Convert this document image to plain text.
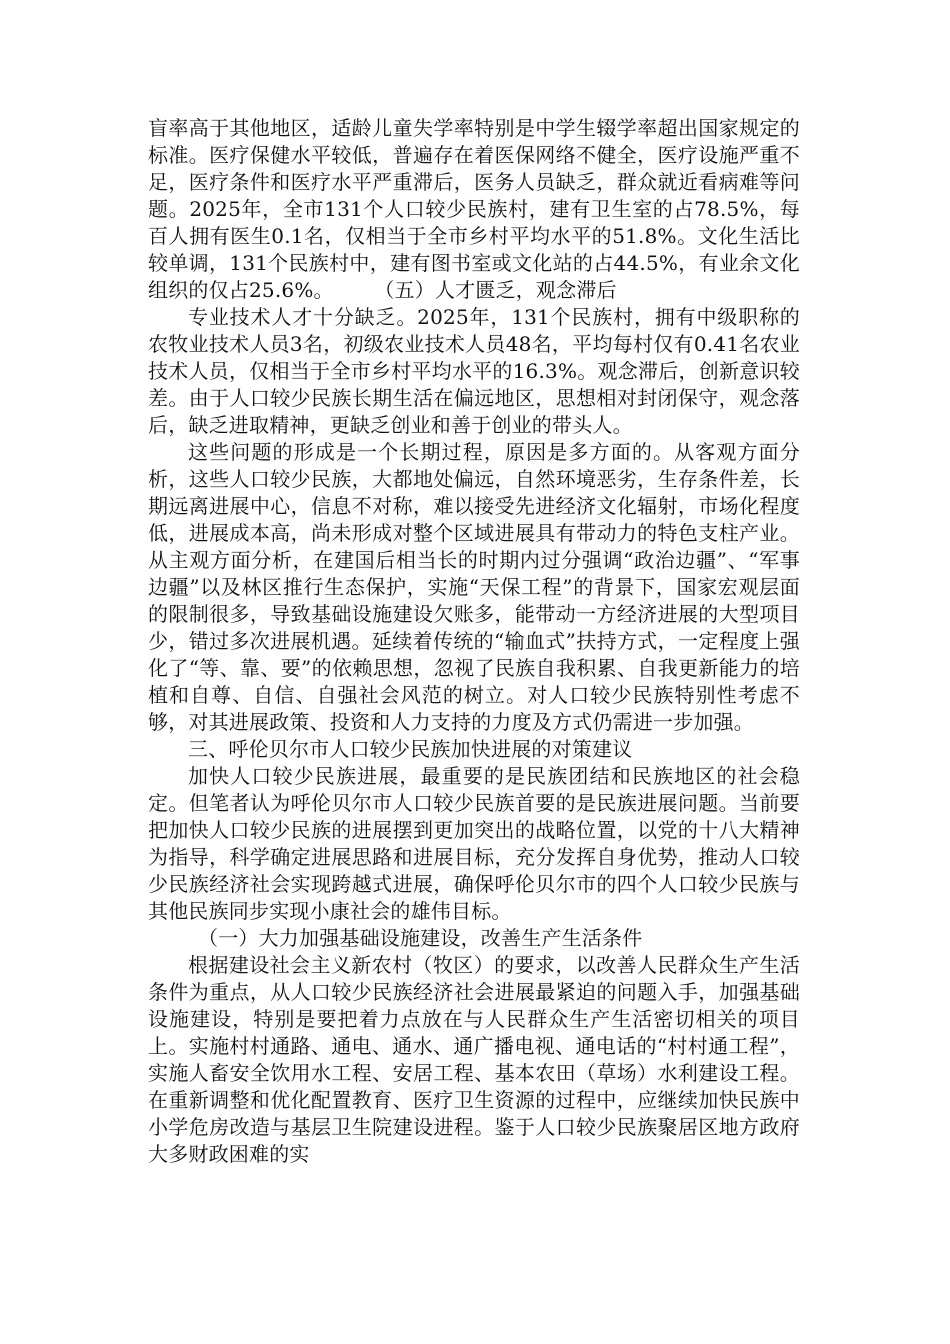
盲率高于其他地区，适龄儿童失学率特别是中学生辍学率超出国家规定的标准。医疗保健水平较低，普遍存在着医保网络不健全，医疗设施严重不足，医疗条件和医疗水平严重滞后，医务人员缺乏，群众就近看病难等问题。2025年，全市131个人口较少民族村，建有卫生室的占78.5%，每百人拥有医生0.1名，仅相当于全市乡村平均水平的51.8%。文化生活比较单调，131个民族村中，建有图书室或文化站的占44.5%，有业余文化组织的仅占25.6%。　　　（五）人才匮乏，观念滞后

专业技术人才十分缺乏。2025年，131个民族村，拥有中级职称的农牧业技术人员3名，初级农业技术人员48名，平均每村仅有0.41名农业技术人员，仅相当于全市乡村平均水平的16.3%。观念滞后，创新意识较差。由于人口较少民族长期生活在偏远地区，思想相对封闭保守，观念落后，缺乏进取精神，更缺乏创业和善于创业的带头人。

这些问题的形成是一个长期过程，原因是多方面的。从客观方面分析，这些人口较少民族，大都地处偏远，自然环境恶劣，生存条件差，长期远离进展中心，信息不对称，难以接受先进经济文化辐射，市场化程度低，进展成本高，尚未形成对整个区域进展具有带动力的特色支柱产业。从主观方面分析，在建国后相当长的时期内过分强调“政治边疆”、“军事边疆”以及林区推行生态保护，实施“天保工程”的背景下，国家宏观层面的限制很多，导致基础设施建设欠账多，能带动一方经济进展的大型项目少，错过多次进展机遇。延续着传统的“输血式”扶持方式，一定程度上强化了“等、靠、要”的依赖思想，忽视了民族自我积累、自我更新能力的培植和自尊、自信、自强社会风范的树立。对人口较少民族特别性考虑不够，对其进展政策、投资和人力支持的力度及方式仍需进一步加强。

三、呼伦贝尔市人口较少民族加快进展的对策建议

加快人口较少民族进展，最重要的是民族团结和民族地区的社会稳定。但笔者认为呼伦贝尔市人口较少民族首要的是民族进展问题。当前要把加快人口较少民族的进展摆到更加突出的战略位置，以党的十八大精神为指导，科学确定进展思路和进展目标，充分发挥自身优势，推动人口较少民族经济社会实现跨越式进展，确保呼伦贝尔市的四个人口较少民族与其他民族同步实现小康社会的雄伟目标。

（一）大力加强基础设施建设，改善生产生活条件

根据建设社会主义新农村（牧区）的要求，以改善人民群众生产生活条件为重点，从人口较少民族经济社会进展最紧迫的问题入手，加强基础设施建设，特别是要把着力点放在与人民群众生产生活密切相关的项目上。实施村村通路、通电、通水、通广播电视、通电话的“村村通工程”，实施人畜安全饮用水工程、安居工程、基本农田（草场）水利建设工程。在重新调整和优化配置教育、医疗卫生资源的过程中，应继续加快民族中小学危房改造与基层卫生院建设进程。鉴于人口较少民族聚居区地方政府大多财政困难的实
